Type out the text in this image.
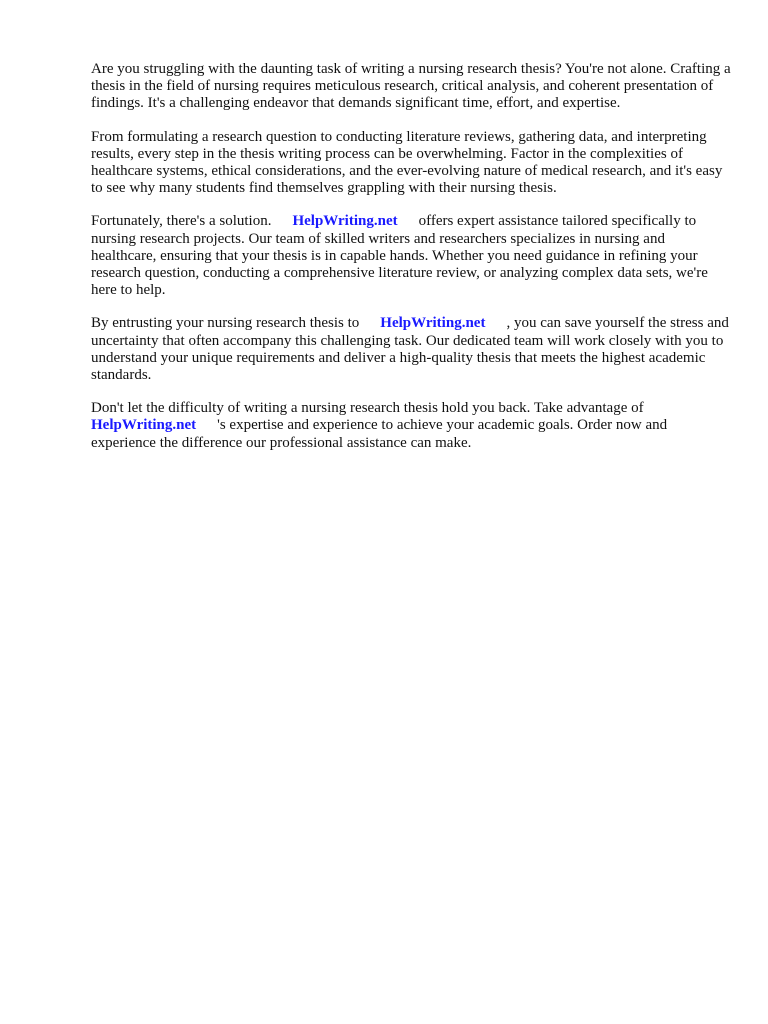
Are you struggling with the daunting task of writing a nursing research thesis? You're not alone. Crafting a thesis in the field of nursing requires meticulous research, critical analysis, and coherent presentation of findings. It's a challenging endeavor that demands significant time, effort, and expertise.

From formulating a research question to conducting literature reviews, gathering data, and interpreting results, every step in the thesis writing process can be overwhelming. Factor in the complexities of healthcare systems, ethical considerations, and the ever-evolving nature of medical research, and it's easy to see why many students find themselves grappling with their nursing thesis.

Fortunately, there's a solution. HelpWriting.net offers expert assistance tailored specifically to nursing research projects. Our team of skilled writers and researchers specializes in nursing and healthcare, ensuring that your thesis is in capable hands. Whether you need guidance in refining your research question, conducting a comprehensive literature review, or analyzing complex data sets, we're here to help.

By entrusting your nursing research thesis to HelpWriting.net , you can save yourself the stress and uncertainty that often accompany this challenging task. Our dedicated team will work closely with you to understand your unique requirements and deliver a high-quality thesis that meets the highest academic standards.

Don't let the difficulty of writing a nursing research thesis hold you back. Take advantage of HelpWriting.net 's expertise and experience to achieve your academic goals. Order now and experience the difference our professional assistance can make.
